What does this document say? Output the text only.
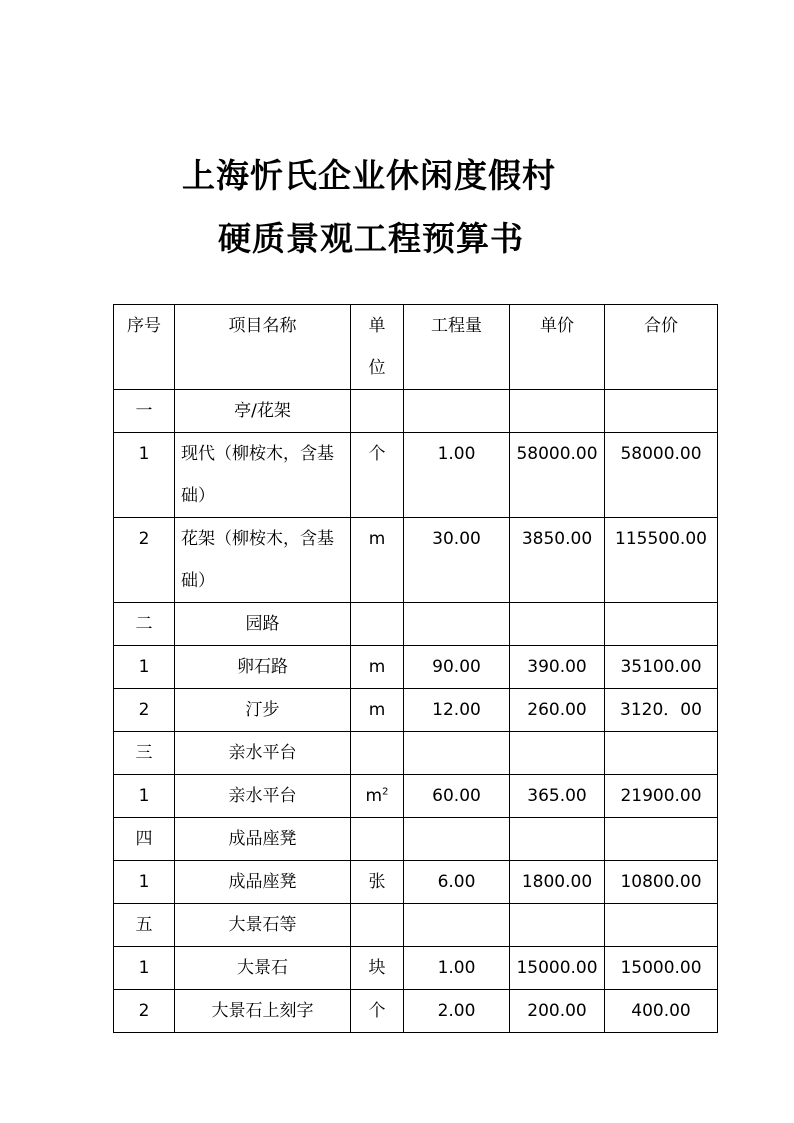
上海忻氏企业休闲度假村
硬质景观工程预算书
序号	项目名称	单位	工程量	单价	合价
一	亭/花架				
1	现代（柳桉木，含基础）	个	1.00	58000.00	58000.00
2	花架（柳桉木，含基础）	m	30.00	3850.00	115500.00
二	园路				
1	卵石路	m	90.00	390.00	35100.00
2	汀步	m	12.00	260.00	3120．00
三	亲水平台				
1	亲水平台	$m^2$	60.00	365.00	21900.00
四	成品座凳				
1	成品座凳	张	6.00	1800.00	10800.00
五	大景石等				
1	大景石	块	1.00	15000.00	15000.00
2	大景石上刻字	个	2.00	200.00	400.00
